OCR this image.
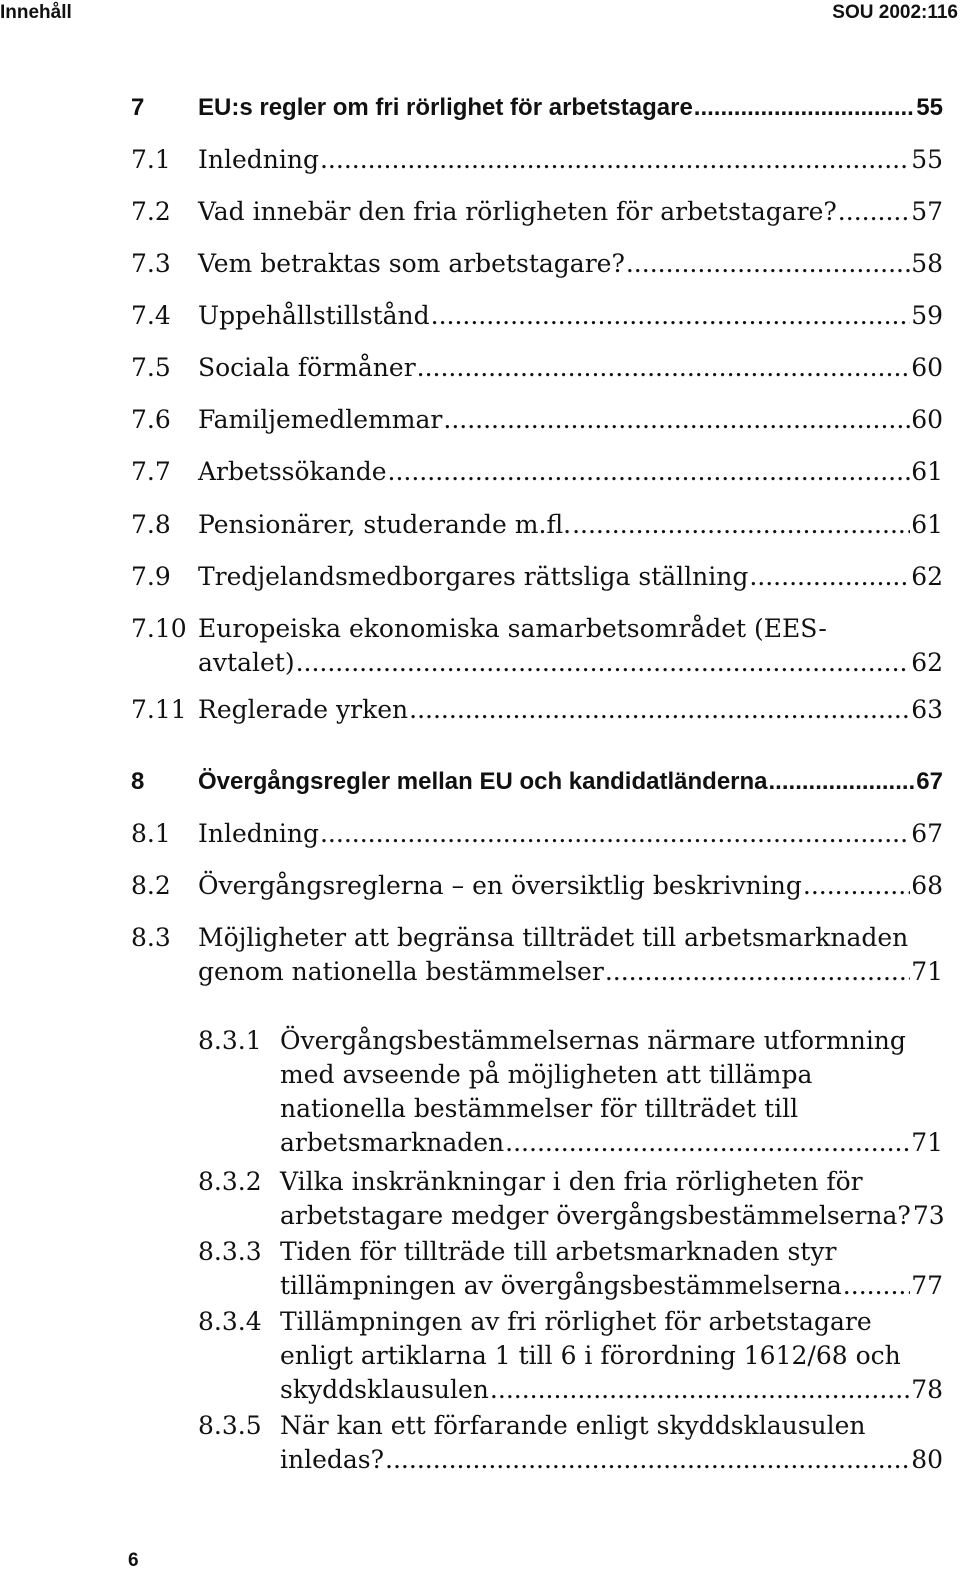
Innehåll	SOU 2002:116
7 EU:s regler om fri rörlighet för arbetstagare .....	55
7.1 Inledning .....	55
7.2 Vad innebär den fria rörligheten för arbetstagare? .....	57
7.3 Vem betraktas som arbetstagare? .....	58
7.4 Uppehållstillstånd .....	59
7.5 Sociala förmåner .....	60
7.6 Familjemedlemmar .....	60
7.7 Arbetssökande .....	61
7.8 Pensionärer, studerande m.fl. .....	61
7.9 Tredjelandsmedborgares rättsliga ställning .....	62
7.10 Europeiska ekonomiska samarbetsområdet (EES-
avtalet) .....	62
7.11 Reglerade yrken .....	63
8 Övergångsregler mellan EU och kandidatländerna .....	67
8.1 Inledning .....	67
8.2 Övergångsreglerna – en översiktlig beskrivning .....	68
8.3 Möjligheter att begränsa tillträdet till arbetsmarknaden
genom nationella bestämmelser .....	71
8.3.1 Övergångsbestämmelsernas närmare utformning
med avseende på möjligheten att tillämpa
nationella bestämmelser för tillträdet till
arbetsmarknaden .....	71
8.3.2 Vilka inskränkningar i den fria rörligheten för
arbetstagare medger övergångsbestämmelserna? 73
8.3.3 Tiden för tillträde till arbetsmarknaden styr
tillämpningen av övergångsbestämmelserna .....	77
8.3.4 Tillämpningen av fri rörlighet för arbetstagare
enligt artiklarna 1 till 6 i förordning 1612/68 och
skyddsklausulen .....	78
8.3.5 När kan ett förfarande enligt skyddsklausulen
inledas? .....	80
6
